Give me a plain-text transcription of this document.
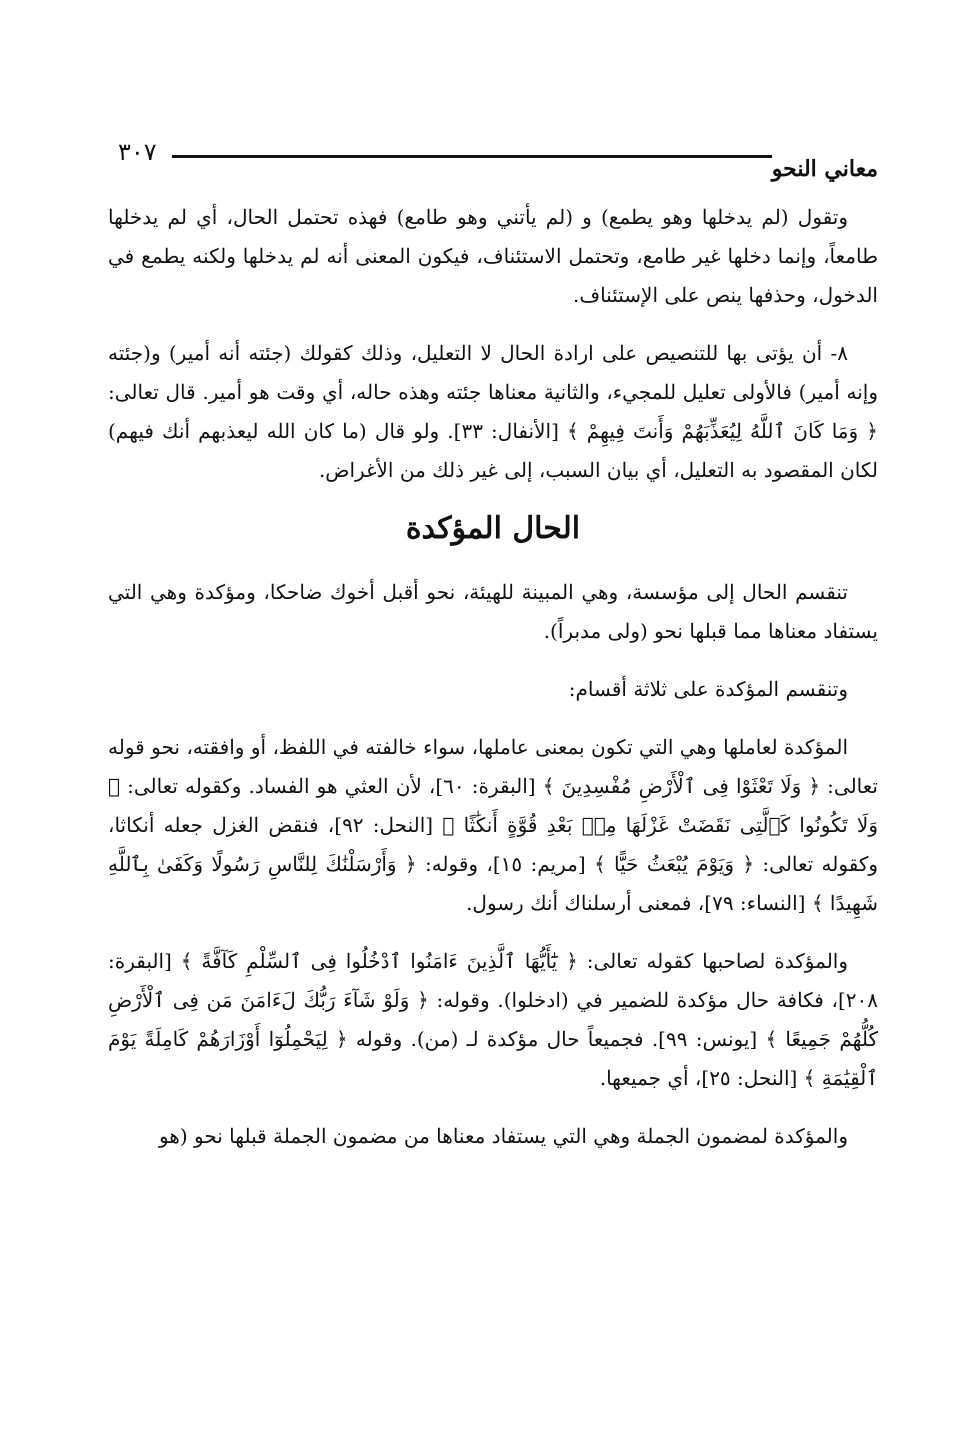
٣٠٧
معاني النحو

وتقول (لم يدخلها وهو يطمع) و (لم يأتني وهو طامع) فهذه تحتمل الحال، أي لم يدخلها طامعاً، وإنما دخلها غير طامع، وتحتمل الاستئناف، فيكون المعنى أنه لم يدخلها ولكنه يطمع في الدخول، وحذفها ينص على الإستئناف.

٨- أن يؤتى بها للتنصيص على ارادة الحال لا التعليل، وذلك كقولك (جئته أنه أمير) و(جئته وإنه أمير) فالأولى تعليل للمجيء، والثانية معناها جئته وهذه حاله، أي وقت هو أمير. قال تعالى: ﴿ وَمَا كَانَ ٱللَّهُ لِيُعَذِّبَهُمْ وَأَنتَ فِيهِمْ ﴾ [الأنفال: ٣٣]. ولو قال (ما كان الله ليعذبهم أنك فيهم) لكان المقصود به التعليل، أي بيان السبب، إلى غير ذلك من الأغراض.

الحال المؤكدة

تنقسم الحال إلى مؤسسة، وهي المبينة للهيئة، نحو أقبل أخوك ضاحكا، ومؤكدة وهي التي يستفاد معناها مما قبلها نحو (ولى مدبراً).

وتنقسم المؤكدة على ثلاثة أقسام:

المؤكدة لعاملها وهي التي تكون بمعنى عاملها، سواء خالفته في اللفظ، أو وافقته، نحو قوله تعالى: ﴿ وَلَا تَعْثَوْا فِى ٱلْأَرْضِ مُفْسِدِينَ ﴾ [البقرة: ٦٠]، لأن العثي هو الفساد. وكقوله تعالى: ﴿ وَلَا تَكُونُوا كَٱلَّتِى نَقَضَتْ غَزْلَهَا مِنۢ بَعْدِ قُوَّةٍ أَنكَٰثًا ﴾ [النحل: ٩٢]، فنقض الغزل جعله أنكاثا، وكقوله تعالى: ﴿ وَيَوْمَ يُبْعَثُ حَيًّا ﴾ [مريم: ١٥]، وقوله: ﴿ وَأَرْسَلْنَٰكَ لِلنَّاسِ رَسُولًا وَكَفَىٰ بِٱللَّهِ شَهِيدًا ﴾ [النساء: ٧٩]، فمعنى أرسلناك أنك رسول.

والمؤكدة لصاحبها كقوله تعالى: ﴿ يَٰٓأَيُّهَا ٱلَّذِينَ ءَامَنُوا ٱدْخُلُوا فِى ٱلسِّلْمِ كَآفَّةً ﴾ [البقرة: ٢٠٨]، فكافة حال مؤكدة للضمير في (ادخلوا). وقوله: ﴿ وَلَوْ شَآءَ رَبُّكَ لَءَامَنَ مَن فِى ٱلْأَرْضِ كُلُّهُمْ جَمِيعًا ﴾ [يونس: ٩٩]. فجميعاً حال مؤكدة لـ (من). وقوله ﴿ لِيَحْمِلُوٓا أَوْزَارَهُمْ كَامِلَةً يَوْمَ ٱلْقِيَٰمَةِ ﴾ [النحل: ٢٥]، أي جميعها.

والمؤكدة لمضمون الجملة وهي التي يستفاد معناها من مضمون الجملة قبلها نحو (هو
